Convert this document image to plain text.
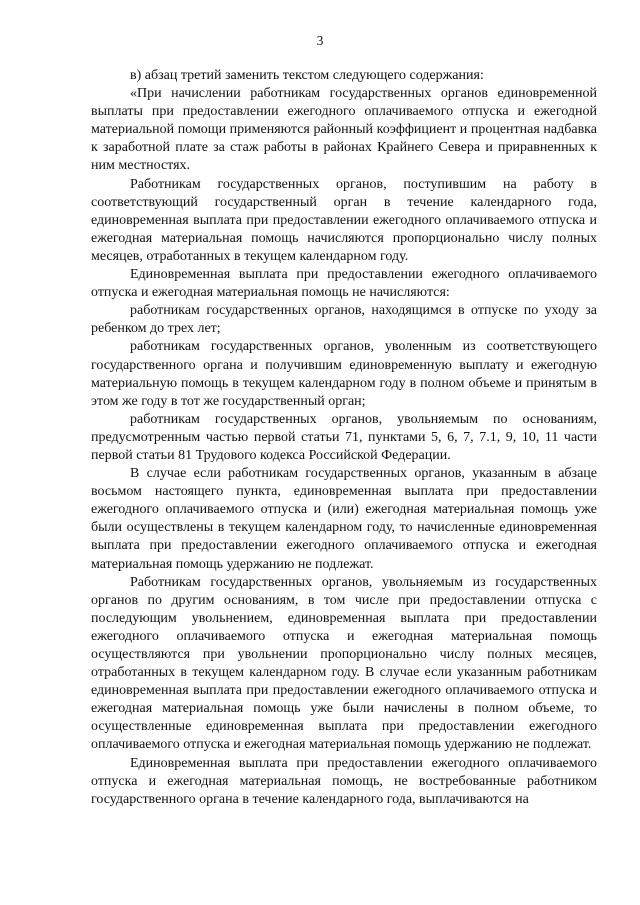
3

в) абзац третий заменить текстом следующего содержания:

«При начислении работникам государственных органов единовременной выплаты при предоставлении ежегодного оплачиваемого отпуска и ежегодной материальной помощи применяются районный коэффициент и процентная надбавка к заработной плате за стаж работы в районах Крайнего Севера и приравненных к ним местностях.

Работникам государственных органов, поступившим на работу в соответствующий государственный орган в течение календарного года, единовременная выплата при предоставлении ежегодного оплачиваемого отпуска и ежегодная материальная помощь начисляются пропорционально числу полных месяцев, отработанных в текущем календарном году.

Единовременная выплата при предоставлении ежегодного оплачиваемого отпуска и ежегодная материальная помощь не начисляются:

работникам государственных органов, находящимся в отпуске по уходу за ребенком до трех лет;

работникам государственных органов, уволенным из соответствующего государственного органа и получившим единовременную выплату и ежегодную материальную помощь в текущем календарном году в полном объеме и принятым в этом же году в тот же государственный орган;

работникам государственных органов, увольняемым по основаниям, предусмотренным частью первой статьи 71, пунктами 5, 6, 7, 7.1, 9, 10, 11 части первой статьи 81 Трудового кодекса Российской Федерации.

В случае если работникам государственных органов, указанным в абзаце восьмом настоящего пункта, единовременная выплата при предоставлении ежегодного оплачиваемого отпуска и (или) ежегодная материальная помощь уже были осуществлены в текущем календарном году, то начисленные единовременная выплата при предоставлении ежегодного оплачиваемого отпуска и ежегодная материальная помощь удержанию не подлежат.

Работникам государственных органов, увольняемым из государственных органов по другим основаниям, в том числе при предоставлении отпуска с последующим увольнением, единовременная выплата при предоставлении ежегодного оплачиваемого отпуска и ежегодная материальная помощь осуществляются при увольнении пропорционально числу полных месяцев, отработанных в текущем календарном году. В случае если указанным работникам единовременная выплата при предоставлении ежегодного оплачиваемого отпуска и ежегодная материальная помощь уже были начислены в полном объеме, то осуществленные единовременная выплата при предоставлении ежегодного оплачиваемого отпуска и ежегодная материальная помощь удержанию не подлежат.

Единовременная выплата при предоставлении ежегодного оплачиваемого отпуска и ежегодная материальная помощь, не востребованные работником государственного органа в течение календарного года, выплачиваются на
